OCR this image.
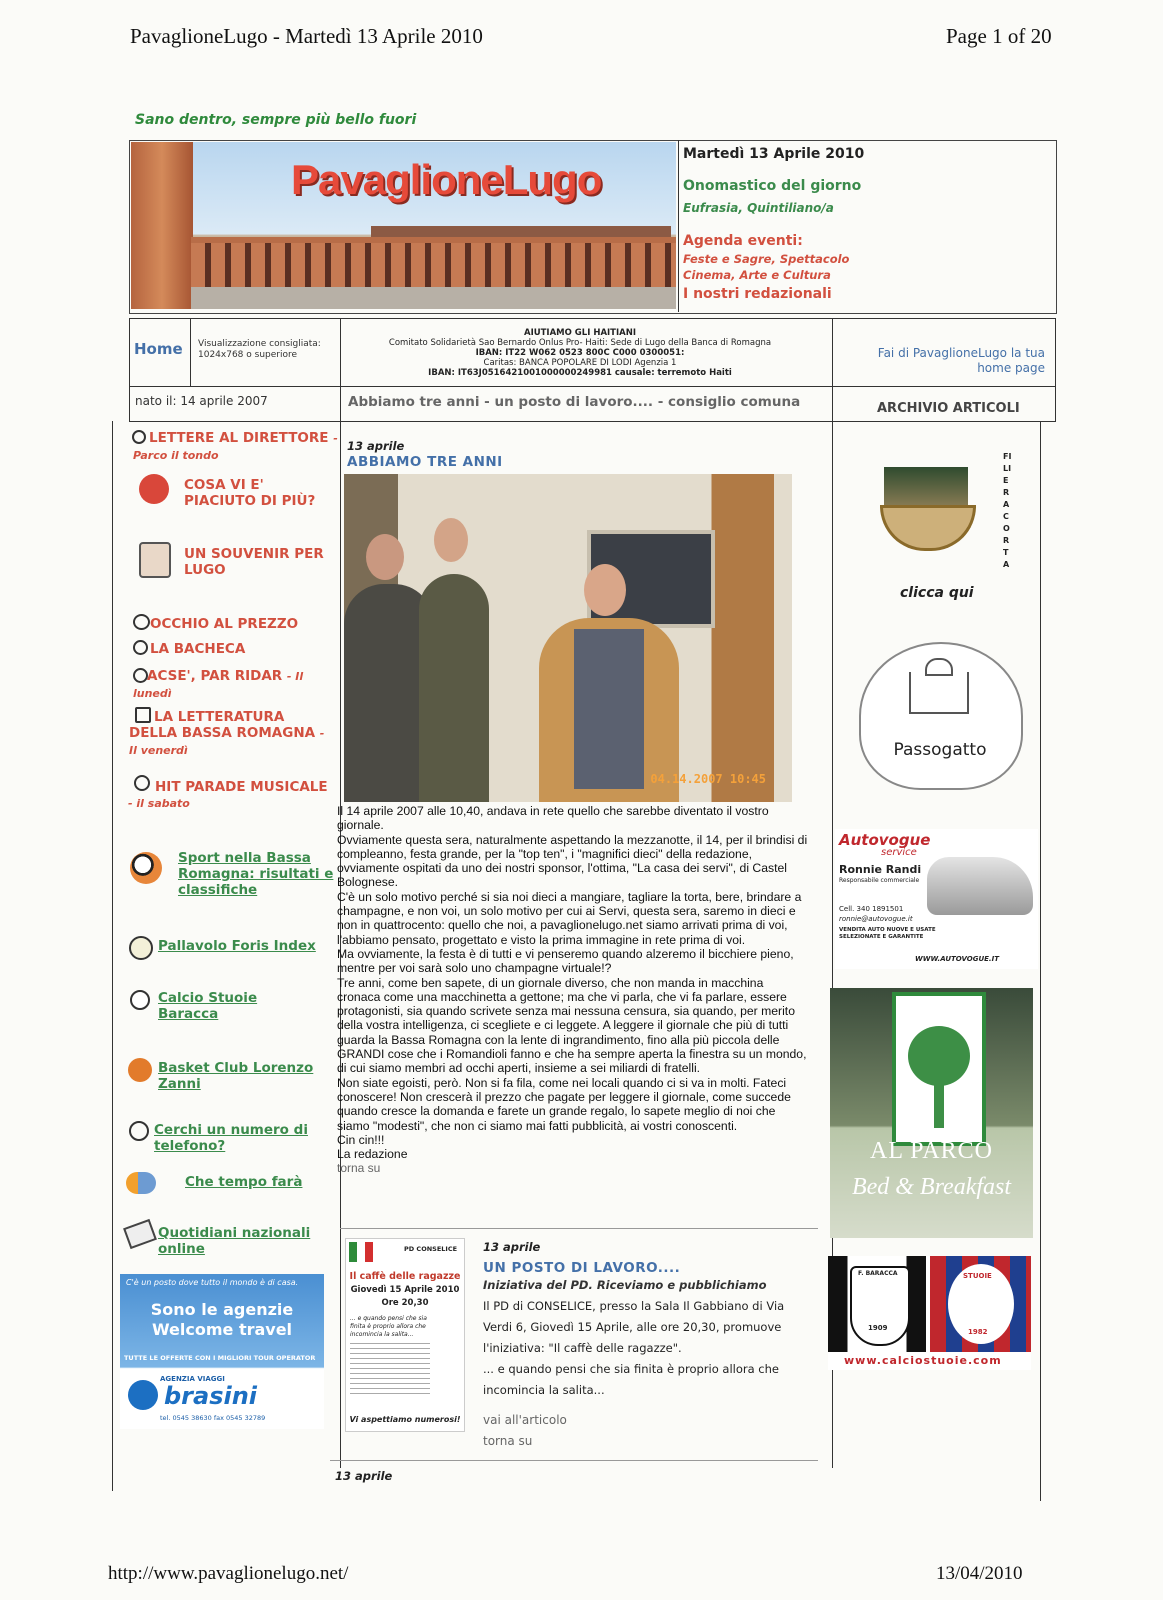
PavaglioneLugo - Martedì 13 Aprile 2010	Page 1 of 20
http://www.pavaglionelugo.net/	13/04/2010
Sano dentro, sempre più bello fuori
PavaglioneLugo
Martedì 13 Aprile 2010
Onomastico del giorno
Eufrasia, Quintiliano/a
Agenda eventi:
Feste e Sagre, Spettacolo
Cinema, Arte e Cultura
I nostri redazionali
Home Visualizzazione consigliata:
1024x768 o superiore
AIUTIAMO GLI HAITIANI
Comitato Solidarietà Sao Bernardo Onlus Pro- Haiti: Sede di Lugo della Banca di Romagna
IBAN: IT22 W062 0523 800C C000 0300051:
Caritas: BANCA POPOLARE DI LODI Agenzia 1
IBAN: IT63J0516421001000000249981 causale: terremoto Haiti
Fai di PavaglioneLugo la tua home page
nato il: 14 aprile 2007	Abbiamo tre anni - un posto di lavoro.... - consiglio comuna	ARCHIVIO ARTICOLI
LETTERE AL DIRETTORE - Parco il tondo
COSA VI E' PIACIUTO DI PIÙ?
UN SOUVENIR PER LUGO
OCCHIO AL PREZZO
LA BACHECA
ACSE', PAR RIDAR - Il lunedì
LA LETTERATURA DELLA BASSA ROMAGNA - Il venerdì
HIT PARADE MUSICALE - il sabato
Sport nella Bassa Romagna: risultati e classifiche
Pallavolo Foris Index
Calcio Stuoie Baracca
Basket Club Lorenzo Zanni
Cerchi un numero di telefono?
Che tempo farà
Quotidiani nazionali online
C'è un posto dove tutto il mondo è di casa.
Sono le agenzie
Welcome travel
TUTTE LE OFFERTE CON I MIGLIORI TOUR OPERATOR
AGENZIA VIAGGI
brasini
tel. 0545 38630 fax 0545 32789
13 aprile
ABBIAMO TRE ANNI
04.14.2007 10:45

Il 14 aprile 2007 alle 10,40, andava in rete quello che sarebbe diventato il vostro giornale.

Ovviamente questa sera, naturalmente aspettando la mezzanotte, il 14, per il brindisi di compleanno, festa grande, per la "top ten", i "magnifici dieci" della redazione, ovviamente ospitati da uno dei nostri sponsor, l'ottima, "La casa dei servi", di Castel Bolognese.

C'è un solo motivo perché si sia noi dieci a mangiare, tagliare la torta, bere, brindare a champagne, e non voi, un solo motivo per cui ai Servi, questa sera, saremo in dieci e non in quattrocento: quello che noi, a pavaglionelugo.net siamo arrivati prima di voi, l'abbiamo pensato, progettato e visto la prima immagine in rete prima di voi.

Ma ovviamente, la festa è di tutti e vi penseremo quando alzeremo il bicchiere pieno, mentre per voi sarà solo uno champagne virtuale!?

Tre anni, come ben sapete, di un giornale diverso, che non manda in macchina cronaca come una macchinetta a gettone; ma che vi parla, che vi fa parlare, essere protagonisti, sia quando scrivete senza mai nessuna censura, sia quando, per merito della vostra intelligenza, ci scegliete e ci leggete. A leggere il giornale che più di tutti guarda la Bassa Romagna con la lente di ingrandimento, fino alla più piccola delle GRANDI cose che i Romandioli fanno e che ha sempre aperta la finestra su un mondo, di cui siamo membri ad occhi aperti, insieme a sei miliardi di fratelli.

Non siate egoisti, però. Non si fa fila, come nei locali quando ci si va in molti. Fateci conoscere! Non crescerà il prezzo che pagate per leggere il giornale, come succede quando cresce la domanda e farete un grande regalo, lo sapete meglio di noi che siamo "modesti", che non ci siamo mai fatti pubblicità, ai vostri conoscenti.

Cin cin!!!

La redazione

torna su

PD CONSELICE
Il caffè delle ragazze
Giovedì 15 Aprile 2010
Ore 20,30
... e quando pensi che sia finita è proprio allora che incomincia la salita...
Vi aspettiamo numerosi!
13 aprile
UN POSTO DI LAVORO....
Iniziativa del PD. Riceviamo e pubblichiamo
Il PD di CONSELICE, presso la Sala Il Gabbiano di Via Verdi 6, Giovedì 15 Aprile, alle ore 20,30, promuove l'iniziativa: "Il caffè delle ragazze".
... e quando pensi che sia finita è proprio allora che incomincia la salita...
vai all'articolo
torna su
13 aprile
FILIERA CORTA
clicca qui
Passogatto
Autovogue
service
Ronnie Randi
Responsabile commerciale
Cell. 340 1891501
ronnie@autovogue.it
VENDITA AUTO NUOVE E USATE SELEZIONATE E GARANTITE
WWW.AUTOVOGUE.IT
AL PARCO
Bed & Breakfast
F. BARACCA
1909
STUOIE
1982
www.calciostuoie.com
